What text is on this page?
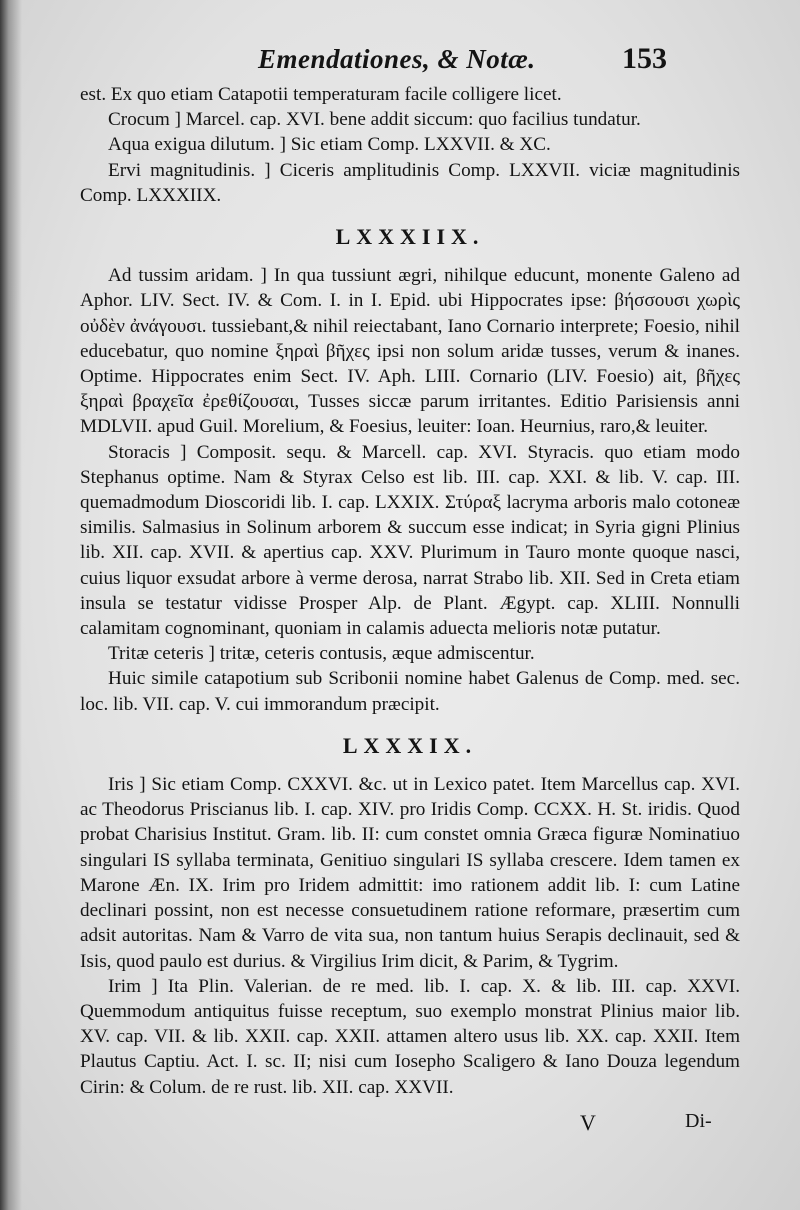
Emendationes, & Notæ.	153

est. Ex quo etiam Catapotii temperaturam facile colligere licet.

Crocum ] Marcel. cap. XVI. bene addit siccum: quo facilius tundatur.

Aqua exigua dilutum. ] Sic etiam Comp. LXXVII. & XC.

Ervi magnitudinis. ] Ciceris amplitudinis Comp. LXXVII. viciæ magnitudinis Comp. LXXXIIX.

LXXXIIX.

Ad tussim aridam. ] In qua tussiunt ægri, nihilque educunt, monente Galeno ad Aphor. LIV. Sect. IV. & Com. I. in I. Epid. ubi Hippocrates ipse: βήσσουσι χωρὶς οὐδὲν ἀνάγουσι. tussiebant,& nihil reiectabant, Iano Cornario interprete; Foesio, nihil educebatur, quo nomine ξηραὶ βῆχες ipsi non solum aridæ tusses, verum & inanes. Optime. Hippocrates enim Sect. IV. Aph. LIII. Cornario (LIV. Foesio) ait, βῆχες ξηραὶ βραχεῖα ἐρεθίζουσαι, Tusses siccæ parum irritantes. Editio Parisiensis anni MDLVII. apud Guil. Morelium, & Foesius, leuiter: Ioan. Heurnius, raro,& leuiter.

Storacis ] Composit. sequ. & Marcell. cap. XVI. Styracis. quo etiam modo Stephanus optime. Nam & Styrax Celso est lib. III. cap. XXI. & lib. V. cap. III. quemadmodum Dioscoridi lib. I. cap. LXXIX. Στύραξ lacryma arboris malo cotoneæ similis. Salmasius in Solinum arborem & succum esse indicat; in Syria gigni Plinius lib. XII. cap. XVII. & apertius cap. XXV. Plurimum in Tauro monte quoque nasci, cuius liquor exsudat arbore à verme derosa, narrat Strabo lib. XII. Sed in Creta etiam insula se testatur vidisse Prosper Alp. de Plant. Ægypt. cap. XLIII. Nonnulli calamitam cognominant, quoniam in calamis aduecta melioris notæ putatur.

Tritæ ceteris ] tritæ, ceteris contusis, æque admiscentur.

Huic simile catapotium sub Scribonii nomine habet Galenus de Comp. med. sec. loc. lib. VII. cap. V. cui immorandum præcipit.

LXXXIX.

Iris ] Sic etiam Comp. CXXVI. &c. ut in Lexico patet. Item Marcellus cap. XVI. ac Theodorus Priscianus lib. I. cap. XIV. pro Iridis Comp. CCXX. H. St. iridis. Quod probat Charisius Institut. Gram. lib. II: cum constet omnia Græca figuræ Nominatiuo singulari IS syllaba terminata, Genitiuo singulari IS syllaba crescere. Idem tamen ex Marone Æn. IX. Irim pro Iridem admittit: imo rationem addit lib. I: cum Latine declinari possint, non est necesse consuetudinem ratione reformare, præsertim cum adsit autoritas. Nam & Varro de vita sua, non tantum huius Serapis declinauit, sed & Isis, quod paulo est durius. & Virgilius Irim dicit, & Parim, & Tygrim.

Irim ] Ita Plin. Valerian. de re med. lib. I. cap. X. & lib. III. cap. XXVI. Quemmodum antiquitus fuisse receptum, suo exemplo monstrat Plinius maior lib. XV. cap. VII. & lib. XXII. cap. XXII. attamen altero usus lib. XX. cap. XXII. Item Plautus Captiu. Act. I. sc. II; nisi cum Iosepho Scaligero & Iano Douza legendum Cirin: & Colum. de re rust. lib. XII. cap. XXVII.

V	Di-
